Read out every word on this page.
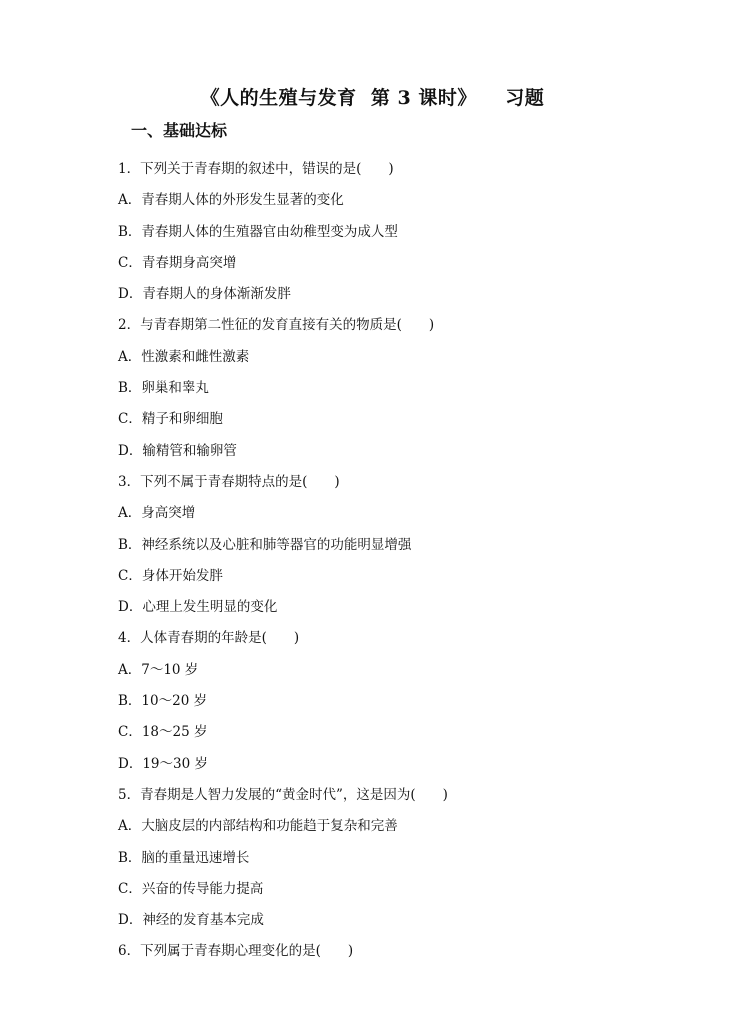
《人的生殖与发育  第 3 课时》    习题
一、基础达标
1．下列关于青春期的叙述中，错误的是(　　)
A．青春期人体的外形发生显著的变化
B．青春期人体的生殖器官由幼稚型变为成人型
C．青春期身高突增
D．青春期人的身体渐渐发胖
2．与青春期第二性征的发育直接有关的物质是(　　)
A．性激素和雌性激素
B．卵巢和睾丸
C．精子和卵细胞
D．输精管和输卵管
3．下列不属于青春期特点的是(　　)
A．身高突增
B．神经系统以及心脏和肺等器官的功能明显增强
C．身体开始发胖
D．心理上发生明显的变化
4．人体青春期的年龄是(　　)
A．7～10 岁
B．10～20 岁
C．18～25 岁
D．19～30 岁
5．青春期是人智力发展的“黄金时代”，这是因为(　　)
A．大脑皮层的内部结构和功能趋于复杂和完善
B．脑的重量迅速增长
C．兴奋的传导能力提高
D．神经的发育基本完成
6．下列属于青春期心理变化的是(　　)
